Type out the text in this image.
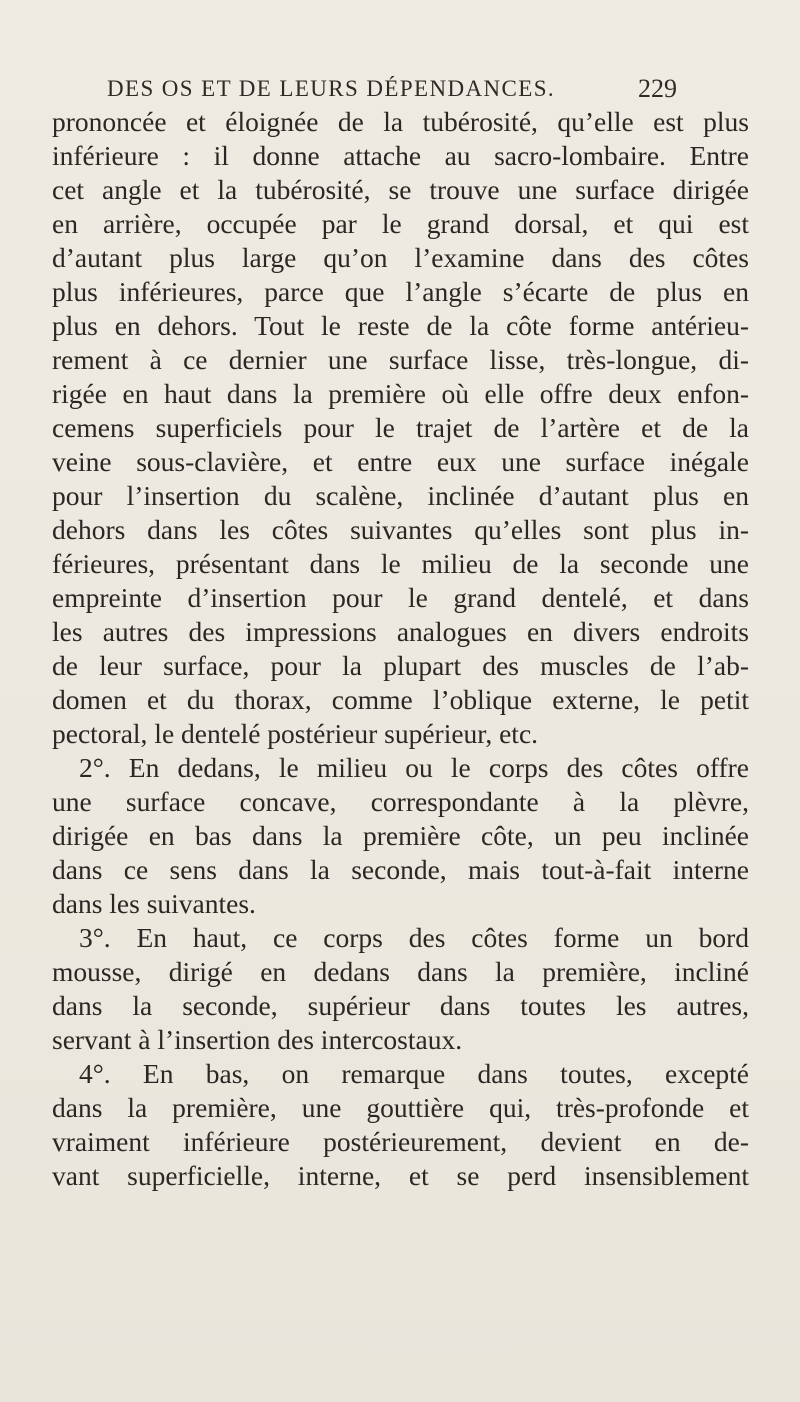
DES OS ET DE LEURS DÉPENDANCES.	229
prononcée et éloignée de la tubérosité, qu’elle est plus
inférieure : il donne attache au sacro-lombaire. Entre
cet angle et la tubérosité, se trouve une surface dirigée
en arrière, occupée par le grand dorsal, et qui est
d’autant plus large qu’on l’examine dans des côtes
plus inférieures, parce que l’angle s’écarte de plus en
plus en dehors. Tout le reste de la côte forme antérieu-
rement à ce dernier une surface lisse, très-longue, di-
rigée en haut dans la première où elle offre deux enfon-
cemens superficiels pour le trajet de l’artère et de la
veine sous-clavière, et entre eux une surface inégale
pour l’insertion du scalène, inclinée d’autant plus en
dehors dans les côtes suivantes qu’elles sont plus in-
férieures, présentant dans le milieu de la seconde une
empreinte d’insertion pour le grand dentelé, et dans
les autres des impressions analogues en divers endroits
de leur surface, pour la plupart des muscles de l’ab-
domen et du thorax, comme l’oblique externe, le petit
pectoral, le dentelé postérieur supérieur, etc.
2°. En dedans, le milieu ou le corps des côtes offre
une surface concave, correspondante à la plèvre,
dirigée en bas dans la première côte, un peu inclinée
dans ce sens dans la seconde, mais tout-à-fait interne
dans les suivantes.
3°. En haut, ce corps des côtes forme un bord
mousse, dirigé en dedans dans la première, incliné
dans la seconde, supérieur dans toutes les autres,
servant à l’insertion des intercostaux.
4°. En bas, on remarque dans toutes, excepté
dans la première, une gouttière qui, très-profonde et
vraiment inférieure postérieurement, devient en de-
vant superficielle, interne, et se perd insensiblement
